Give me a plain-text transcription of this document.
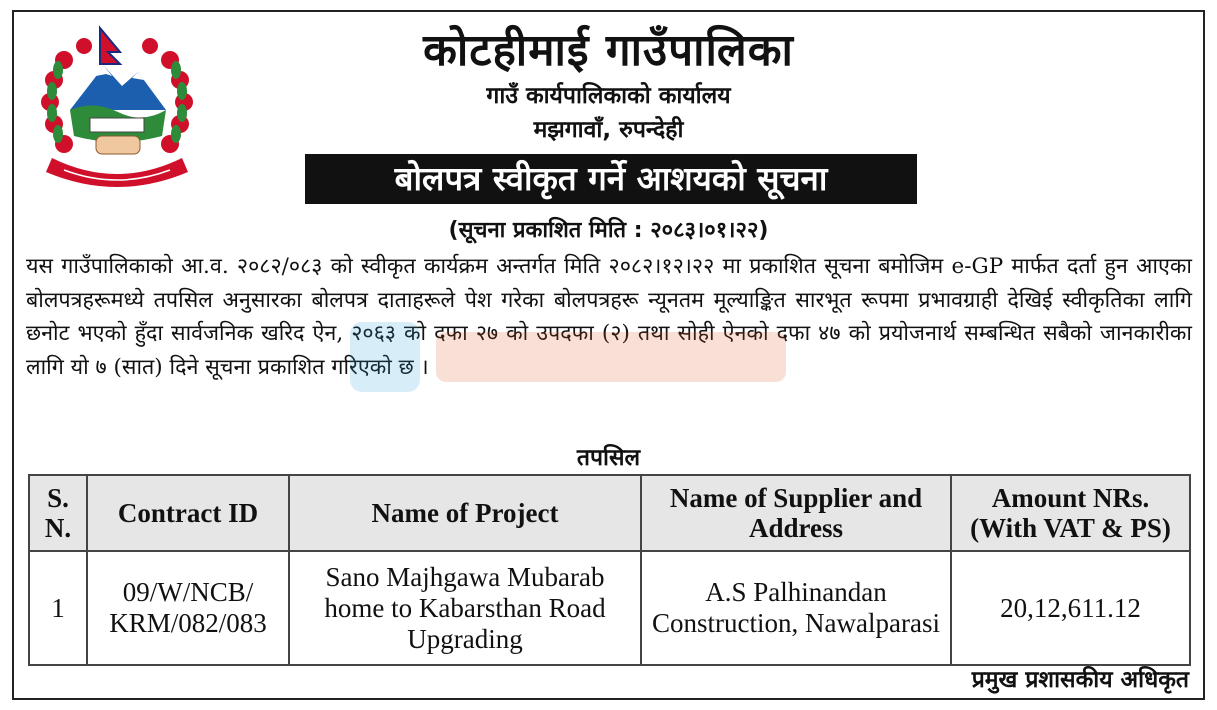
कोटहीमाई गाउँपालिका
गाउँ कार्यपालिकाको कार्यालय
मझगावाँ, रुपन्देही
बोलपत्र स्वीकृत गर्ने आशयको सूचना
(सूचना प्रकाशित मिति : २०८३।०१।२२)
यस गाउँपालिकाको आ.व. २०८२/०८३ को स्वीकृत कार्यक्रम अन्तर्गत मिति २०८२।१२।२२ मा प्रकाशित सूचना बमोजिम e-GP मार्फत दर्ता हुन आएका बोलपत्रहरूमध्ये तपसिल अनुसारका बोलपत्र दाताहरूले पेश गरेका बोलपत्रहरू न्यूनतम मूल्याङ्कित सारभूत रूपमा प्रभावग्राही देखिई स्वीकृतिका लागि छनोट भएको हुँदा सार्वजनिक खरिद ऐन, २०६३ को दफा २७ को उपदफा (२) तथा सोही ऐनको दफा ४७ को प्रयोजनार्थ सम्बन्धित सबैको जानकारीका लागि यो ७ (सात) दिने सूचना प्रकाशित गरिएको छ ।
तपसिल
S. N.	Contract ID	Name of Project	Name of Supplier and Address	Amount NRs. (With VAT & PS)
1	09/W/NCB/ KRM/082/083	Sano Majhgawa Mubarab home to Kabarsthan Road Upgrading	A.S Palhinandan Construction, Nawalparasi	20,12,611.12
प्रमुख प्रशासकीय अधिकृत
